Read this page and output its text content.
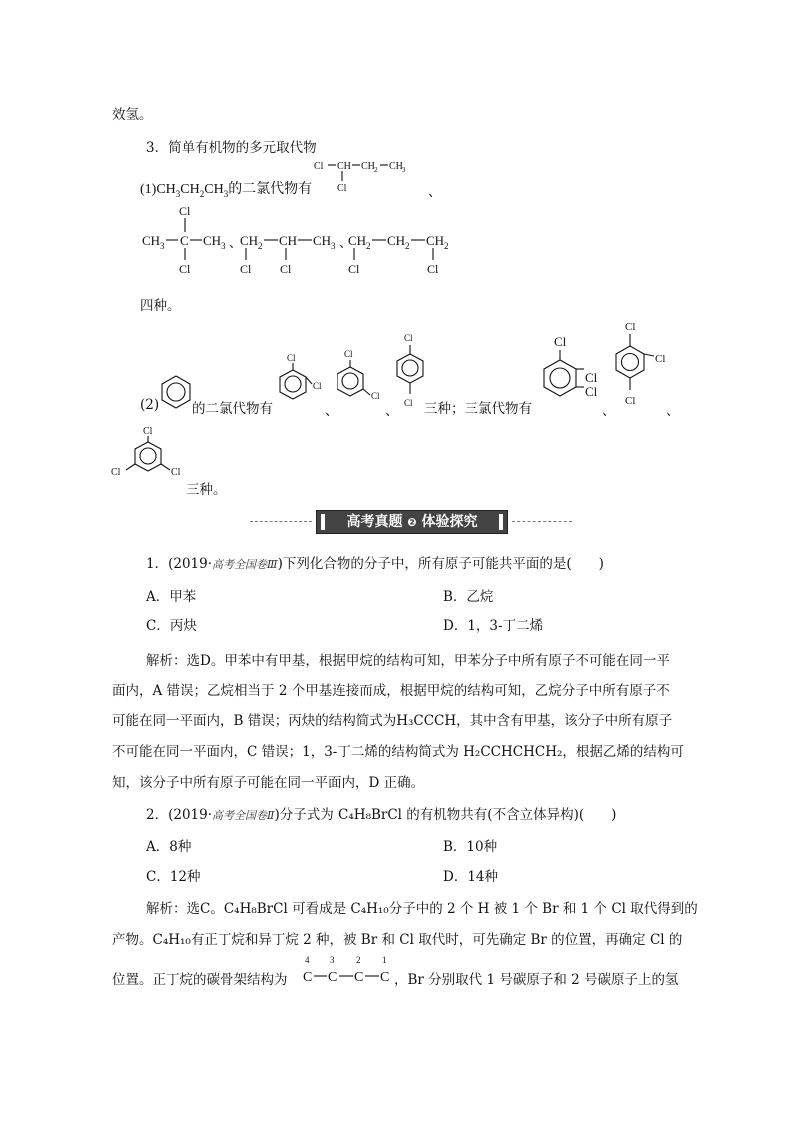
效氢。
3．简单有机物的多元取代物
$(1)CH_3CH_2CH_3$的二氯代物有
Cl CH CH 2 CH 3
Cl	、
CH 3 C CH 3
Cl
Cl
、
CH 2 CH CH 3
Cl Cl
、
CH 2 CH 2 CH 2
Cl	Cl
四种。
(2) 的二氯代物有
Cl
Cl
、
Cl
Cl
、
Cl
Cl 三种；三氯代物有
Cl
Cl
Cl
、
Cl
Cl
Cl
、
Cl
Cl	Cl
三种。
高考真题 ❷ 体验探究
1．(2019·高考全国卷Ⅲ)下列化合物的分子中，所有原子可能共平面的是(　　)
A．甲苯	B．乙烷
C．丙炔	D．1，3-丁二烯
解析：选D。甲苯中有甲基，根据甲烷的结构可知，甲苯分子中所有原子不可能在同一平
面内，A 错误；乙烷相当于 2 个甲基连接而成，根据甲烷的结构可知，乙烷分子中所有原子不
可能在同一平面内，B 错误；丙炔的结构简式为H₃CCCH，其中含有甲基，该分子中所有原子
不可能在同一平面内，C 错误；1，3-丁二烯的结构简式为 H₂CCHCHCH₂，根据乙烯的结构可
知，该分子中所有原子可能在同一平面内，D 正确。
2．(2019·高考全国卷Ⅱ)分子式为 C₄H₈BrCl 的有机物共有(不含立体异构)(　　)
A．8种	B．10种
C．12种	D．14种
解析：选C。C₄H₈BrCl 可看成是 C₄H₁₀分子中的 2 个 H 被 1 个 Br 和 1 个 Cl 取代得到的
产物。C₄H₁₀有正丁烷和异丁烷 2 种，被 Br 和 Cl 取代时，可先确定 Br 的位置，再确定 Cl 的
位置。正丁烷的碳骨架结构为
4 3 2 1
C C C C ，Br 分别取代 1 号碳原子和 2 号碳原子上的氢
